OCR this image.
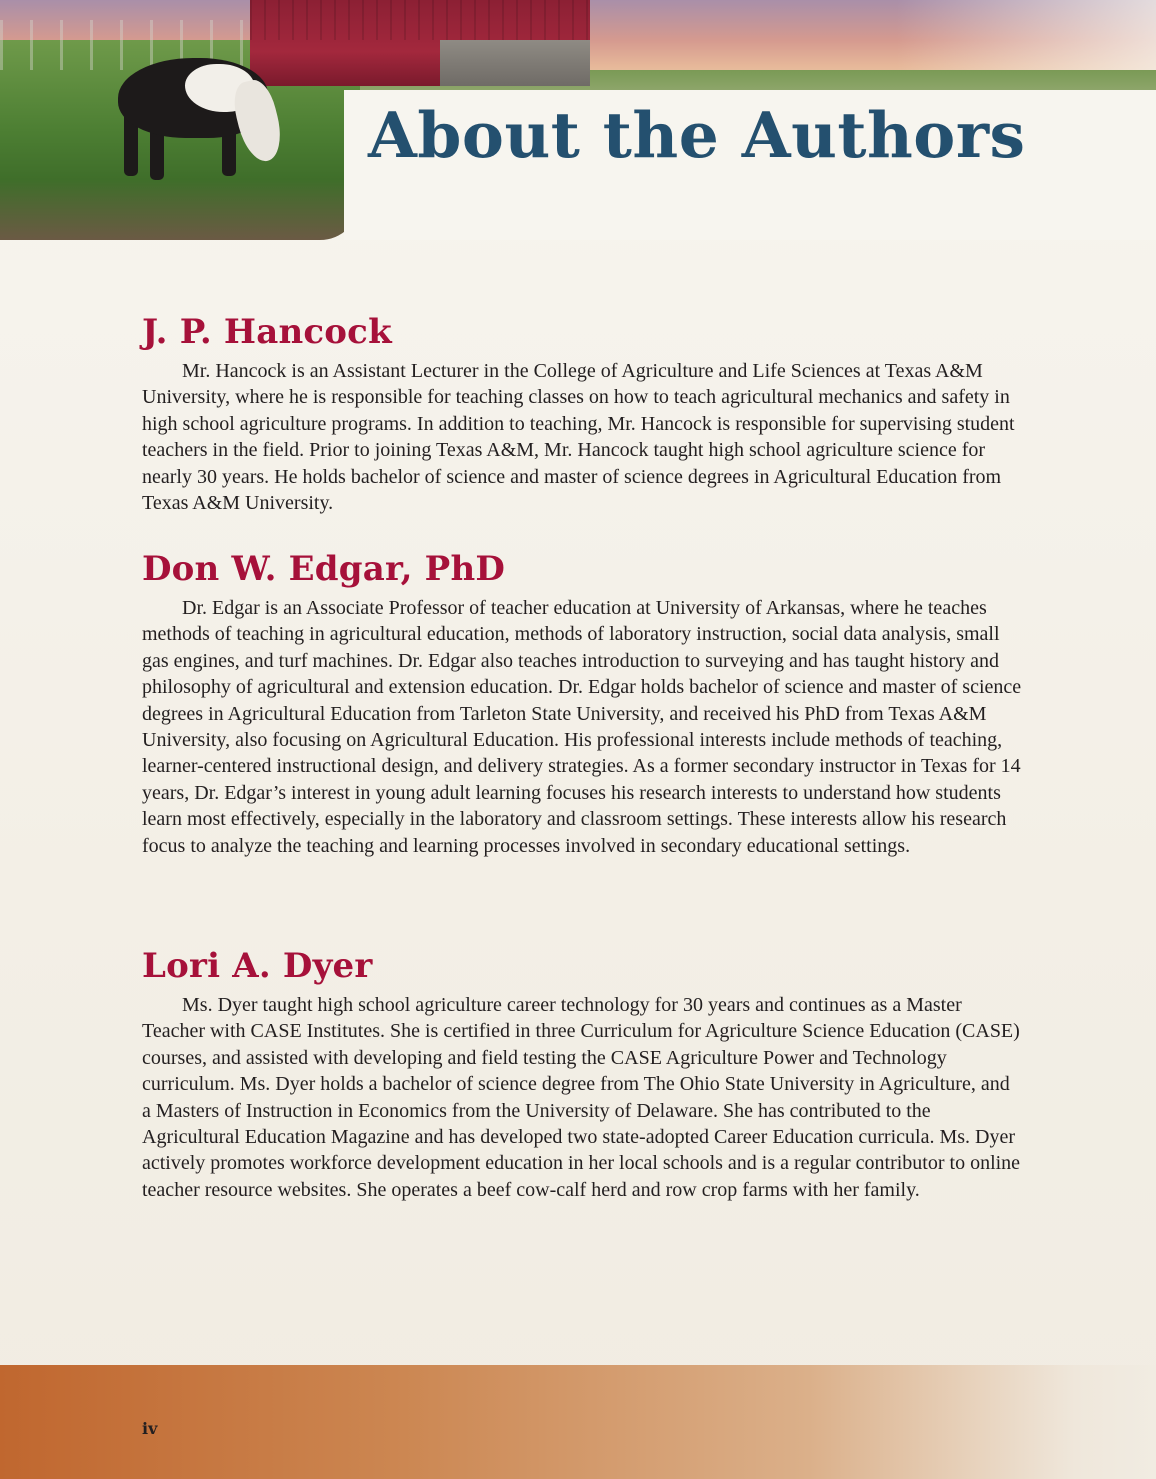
About the Authors
J. P. Hancock

Mr. Hancock is an Assistant Lecturer in the College of Agriculture and Life Sciences at Texas A&M University, where he is responsible for teaching classes on how to teach agricultural mechanics and safety in high school agriculture programs. In addition to teaching, Mr. Hancock is responsible for supervising student teachers in the field. Prior to joining Texas A&M, Mr. Hancock taught high school agriculture science for nearly 30 years. He holds bachelor of science and master of science degrees in Agricultural Education from Texas A&M University.

Don W. Edgar, PhD

Dr. Edgar is an Associate Professor of teacher education at University of Arkansas, where he teaches methods of teaching in agricultural education, methods of laboratory instruction, social data analysis, small gas engines, and turf machines. Dr. Edgar also teaches introduction to surveying and has taught history and philosophy of agricultural and extension education. Dr. Edgar holds bachelor of science and master of science degrees in Agricultural Education from Tarleton State University, and received his PhD from Texas A&M University, also focusing on Agricultural Education. His professional interests include methods of teaching, learner-centered instructional design, and delivery strategies. As a former secondary instructor in Texas for 14 years, Dr. Edgar’s interest in young adult learning focuses his research interests to understand how students learn most effectively, especially in the laboratory and classroom settings. These interests allow his research focus to analyze the teaching and learning processes involved in secondary educational settings.

Lori A. Dyer

Ms. Dyer taught high school agriculture career technology for 30 years and continues as a Master Teacher with CASE Institutes. She is certified in three Curriculum for Agriculture Science Education (CASE) courses, and assisted with developing and field testing the CASE Agriculture Power and Technology curriculum. Ms. Dyer holds a bachelor of science degree from The Ohio State University in Agriculture, and a Masters of Instruction in Economics from the University of Delaware. She has contributed to the Agricultural Education Magazine and has developed two state-adopted Career Education curricula. Ms. Dyer actively promotes workforce development education in her local schools and is a regular contributor to online teacher resource websites. She operates a beef cow-calf herd and row crop farms with her family.

iv
